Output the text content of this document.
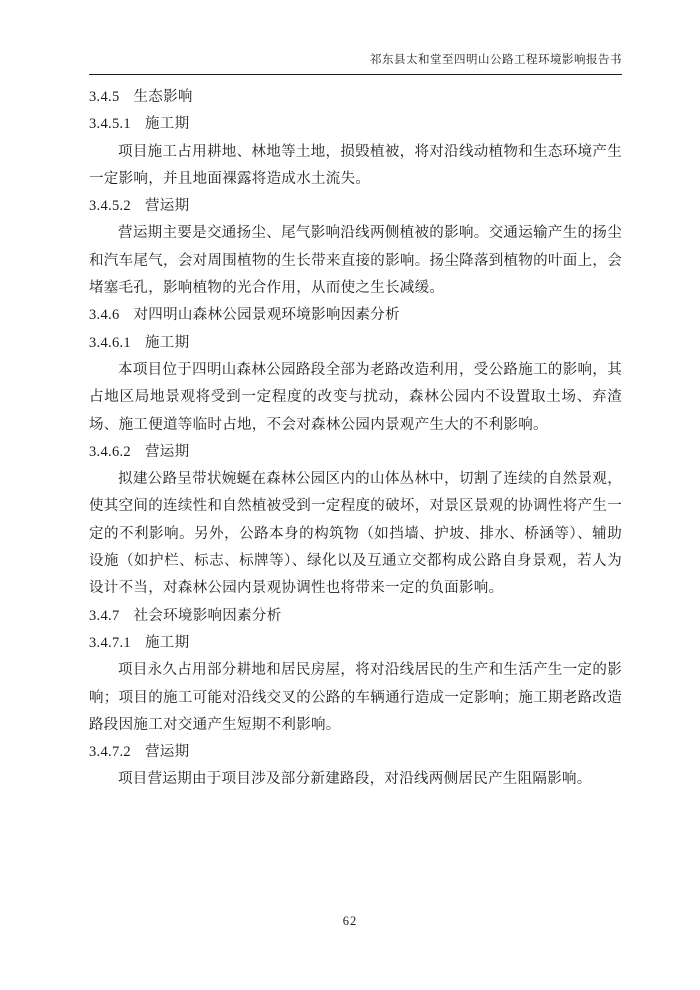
祁东县太和堂至四明山公路工程环境影响报告书
3.4.5 生态影响
3.4.5.1 施工期

项目施工占用耕地、林地等土地，损毁植被，将对沿线动植物和生态环境产生一定影响，并且地面裸露将造成水土流失。

3.4.5.2 营运期

营运期主要是交通扬尘、尾气影响沿线两侧植被的影响。交通运输产生的扬尘和汽车尾气，会对周围植物的生长带来直接的影响。扬尘降落到植物的叶面上，会堵塞毛孔，影响植物的光合作用，从而使之生长减缓。

3.4.6 对四明山森林公园景观环境影响因素分析
3.4.6.1 施工期

本项目位于四明山森林公园路段全部为老路改造利用，受公路施工的影响，其占地区局地景观将受到一定程度的改变与扰动，森林公园内不设置取土场、弃渣场、施工便道等临时占地，不会对森林公园内景观产生大的不利影响。

3.4.6.2 营运期

拟建公路呈带状婉蜒在森林公园区内的山体丛林中，切割了连续的自然景观，使其空间的连续性和自然植被受到一定程度的破坏，对景区景观的协调性将产生一定的不利影响。另外，公路本身的构筑物（如挡墙、护坡、排水、桥涵等）、辅助设施（如护栏、标志、标牌等）、绿化以及互通立交都构成公路自身景观，若人为设计不当，对森林公园内景观协调性也将带来一定的负面影响。

3.4.7 社会环境影响因素分析
3.4.7.1 施工期

项目永久占用部分耕地和居民房屋，将对沿线居民的生产和生活产生一定的影响；项目的施工可能对沿线交叉的公路的车辆通行造成一定影响；施工期老路改造路段因施工对交通产生短期不利影响。

3.4.7.2 营运期

项目营运期由于项目涉及部分新建路段，对沿线两侧居民产生阻隔影响。

62
